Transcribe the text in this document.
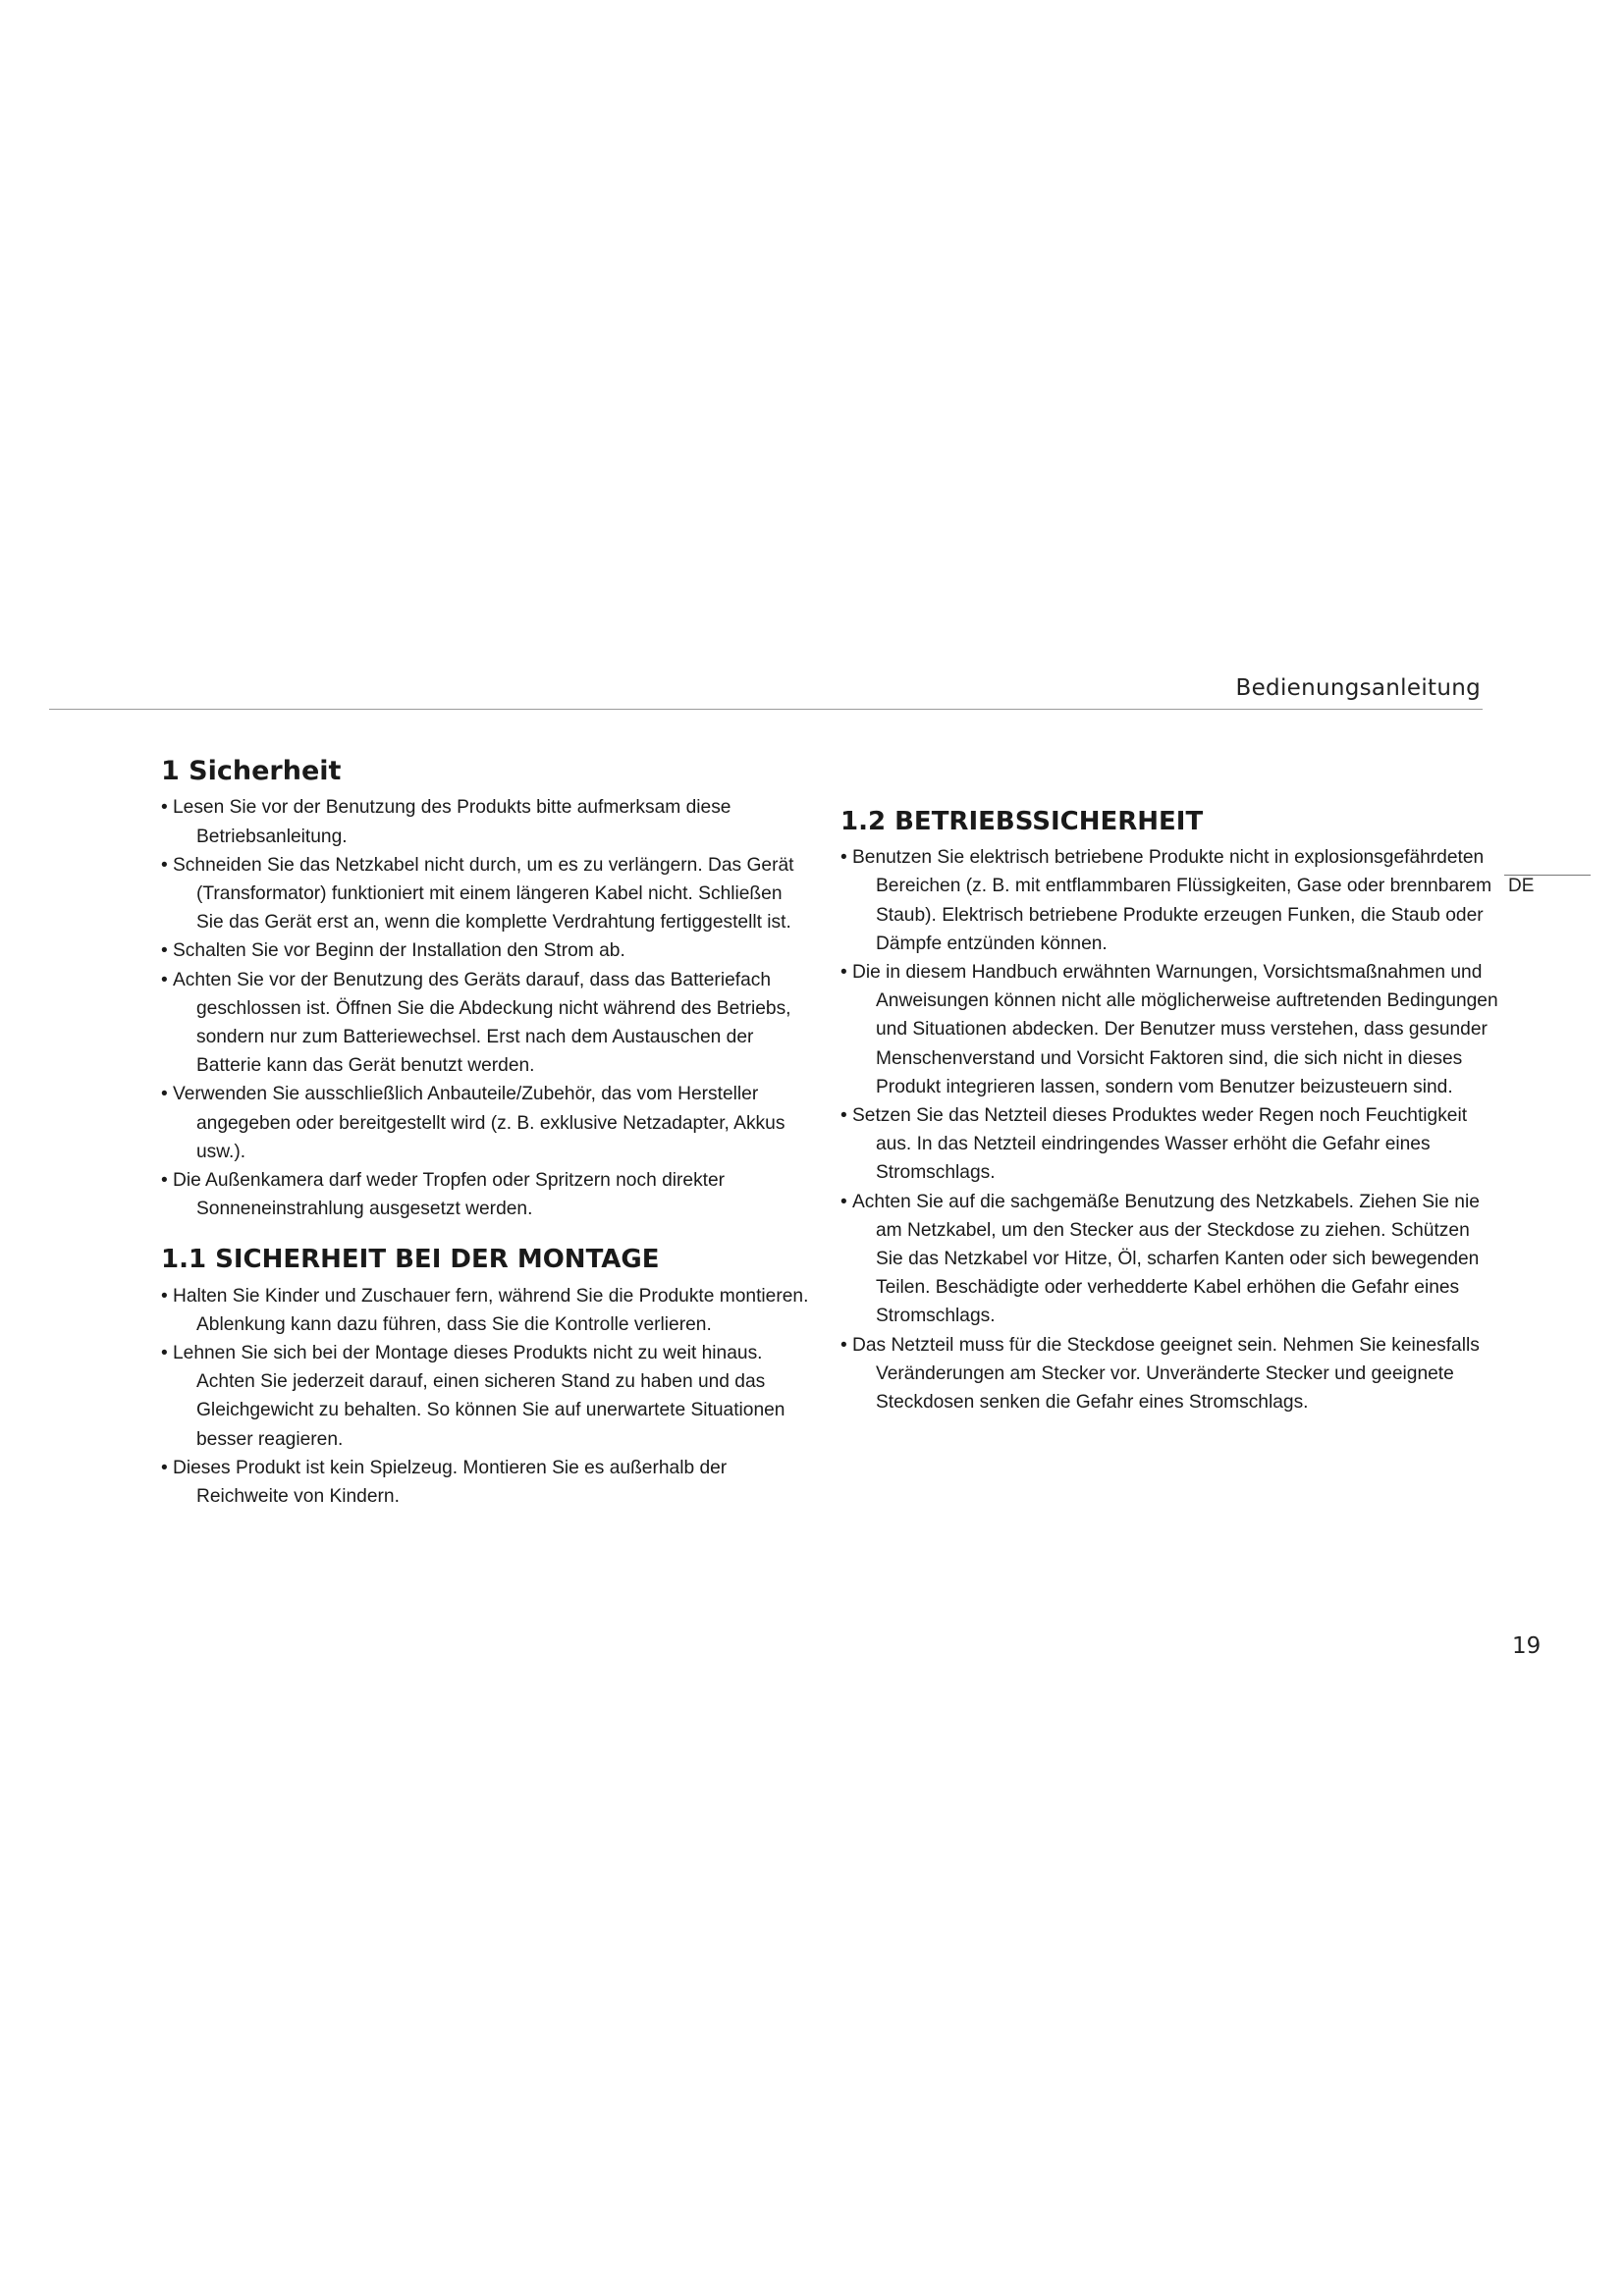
Bedienungsanleitung
DE
1 Sicherheit
• Lesen Sie vor der Benutzung des Produkts bitte aufmerksam diese Betriebsanleitung.
• Schneiden Sie das Netzkabel nicht durch, um es zu verlängern. Das Gerät (Transformator) funktioniert mit einem längeren Kabel nicht. Schließen Sie das Gerät erst an, wenn die komplette Verdrahtung fertiggestellt ist.
• Schalten Sie vor Beginn der Installation den Strom ab.
• Achten Sie vor der Benutzung des Geräts darauf, dass das Batteriefach geschlossen ist. Öffnen Sie die Abdeckung nicht während des Betriebs, sondern nur zum Batteriewechsel. Erst nach dem Austauschen der Batterie kann das Gerät benutzt werden.
• Verwenden Sie ausschließlich Anbauteile/Zubehör, das vom Hersteller angegeben oder bereitgestellt wird (z. B. exklusive Netzadapter, Akkus usw.).
• Die Außenkamera darf weder Tropfen oder Spritzern noch direkter Sonneneinstrahlung ausgesetzt werden.
1.1 SICHERHEIT BEI DER MONTAGE
• Halten Sie Kinder und Zuschauer fern, während Sie die Produkte montieren. Ablenkung kann dazu führen, dass Sie die Kontrolle verlieren.
• Lehnen Sie sich bei der Montage dieses Produkts nicht zu weit hinaus. Achten Sie jederzeit darauf, einen sicheren Stand zu haben und das Gleichgewicht zu behalten. So können Sie auf unerwartete Situationen besser reagieren.
• Dieses Produkt ist kein Spielzeug. Montieren Sie es außerhalb der Reichweite von Kindern.
1.2 BETRIEBSSICHERHEIT
• Benutzen Sie elektrisch betriebene Produkte nicht in explosionsgefährdeten Bereichen (z. B. mit entflammbaren Flüssigkeiten, Gase oder brennbarem Staub). Elektrisch betriebene Produkte erzeugen Funken, die Staub oder Dämpfe entzünden können.
• Die in diesem Handbuch erwähnten Warnungen, Vorsichtsmaßnahmen und Anweisungen können nicht alle möglicherweise auftretenden Bedingungen und Situationen abdecken. Der Benutzer muss verstehen, dass gesunder Menschenverstand und Vorsicht Faktoren sind, die sich nicht in dieses Produkt integrieren lassen, sondern vom Benutzer beizusteuern sind.
• Setzen Sie das Netzteil dieses Produktes weder Regen noch Feuchtigkeit aus. In das Netzteil eindringendes Wasser erhöht die Gefahr eines Stromschlags.
• Achten Sie auf die sachgemäße Benutzung des Netzkabels. Ziehen Sie nie am Netzkabel, um den Stecker aus der Steckdose zu ziehen. Schützen Sie das Netzkabel vor Hitze, Öl, scharfen Kanten oder sich bewegenden Teilen. Beschädigte oder verhedderte Kabel erhöhen die Gefahr eines Stromschlags.
• Das Netzteil muss für die Steckdose geeignet sein. Nehmen Sie keinesfalls Veränderungen am Stecker vor. Unveränderte Stecker und geeignete Steckdosen senken die Gefahr eines Stromschlags.
19
